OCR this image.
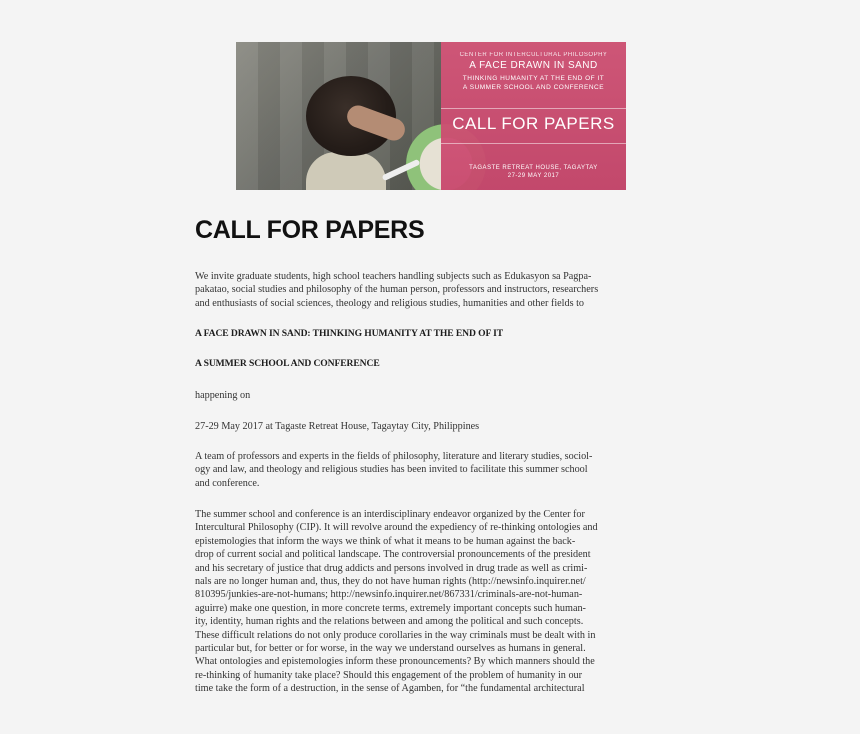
CENTER FOR INTERCULTURAL PHILOSOPHY
A FACE DRAWN IN SAND
THINKING HUMANITY AT THE END OF IT
A SUMMER SCHOOL AND CONFERENCE
CALL FOR PAPERS
TAGASTE RETREAT HOUSE, TAGAYTAY
27-29 MAY 2017
CALL FOR PAPERS
We invite graduate students, high school teachers handling subjects such as Edukasyon sa Pagpa-
pakatao, social studies and philosophy of the human person, professors and instructors, researchers
and enthusiasts of social sciences, theology and religious studies, humanities and other fields to
A FACE DRAWN IN SAND: THINKING HUMANITY AT THE END OF IT
A SUMMER SCHOOL AND CONFERENCE
happening on
27-29 May 2017 at Tagaste Retreat House, Tagaytay City, Philippines
A team of professors and experts in the fields of philosophy, literature and literary studies, sociol-
ogy and law, and theology and religious studies has been invited to facilitate this summer school
and conference.
The summer school and conference is an interdisciplinary endeavor organized by the Center for
Intercultural Philosophy (CIP). It will revolve around the expediency of re-thinking ontologies and
epistemologies that inform the ways we think of what it means to be human against the back-
drop of current social and political landscape. The controversial pronouncements of the president
and his secretary of justice that drug addicts and persons involved in drug trade as well as crimi-
nals are no longer human and, thus, they do not have human rights (http://newsinfo.inquirer.net/
810395/junkies-are-not-humans; http://newsinfo.inquirer.net/867331/criminals-are-not-human-
aguirre) make one question, in more concrete terms, extremely important concepts such human-
ity, identity, human rights and the relations between and among the political and such concepts.
These difficult relations do not only produce corollaries in the way criminals must be dealt with in
particular but, for better or for worse, in the way we understand ourselves as humans in general.
What ontologies and epistemologies inform these pronouncements? By which manners should the
re-thinking of humanity take place? Should this engagement of the problem of humanity in our
time take the form of a destruction, in the sense of Agamben, for “the fundamental architectural
